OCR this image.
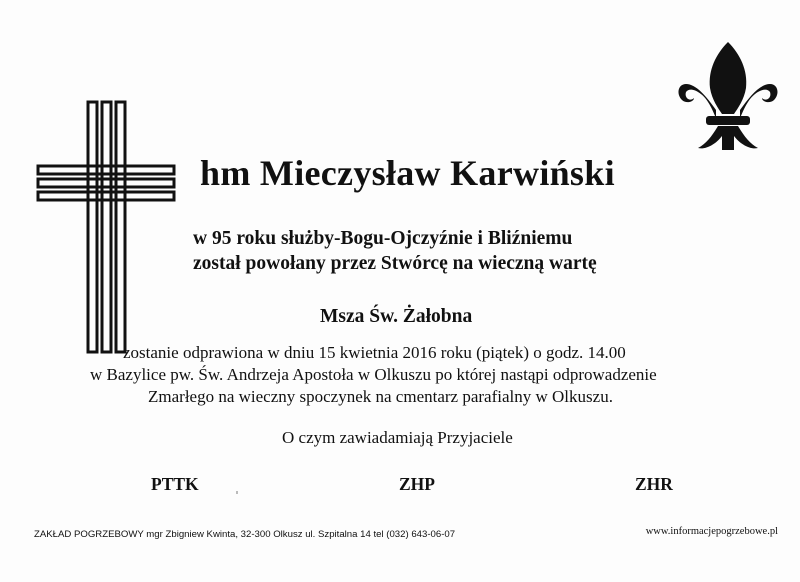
hm Mieczysław Karwiński
w 95 roku służby-Bogu-Ojczyźnie i Bliźniemu
został powołany przez Stwórcę na wieczną wartę
Msza Św. Żałobna
zostanie odprawiona w dniu 15 kwietnia 2016 roku (piątek) o godz. 14.00
w Bazylice pw. Św. Andrzeja Apostoła w Olkuszu po której nastąpi odprowadzenie
Zmarłego na wieczny spoczynek na cmentarz parafialny w Olkuszu.
O czym zawiadamiają Przyjaciele
PTTK	ZHP	ZHR
ZAKŁAD POGRZEBOWY mgr Zbigniew Kwinta, 32-300 Olkusz ul. Szpitalna 14 tel (032) 643-06-07	www.informacjepogrzebowe.pl
